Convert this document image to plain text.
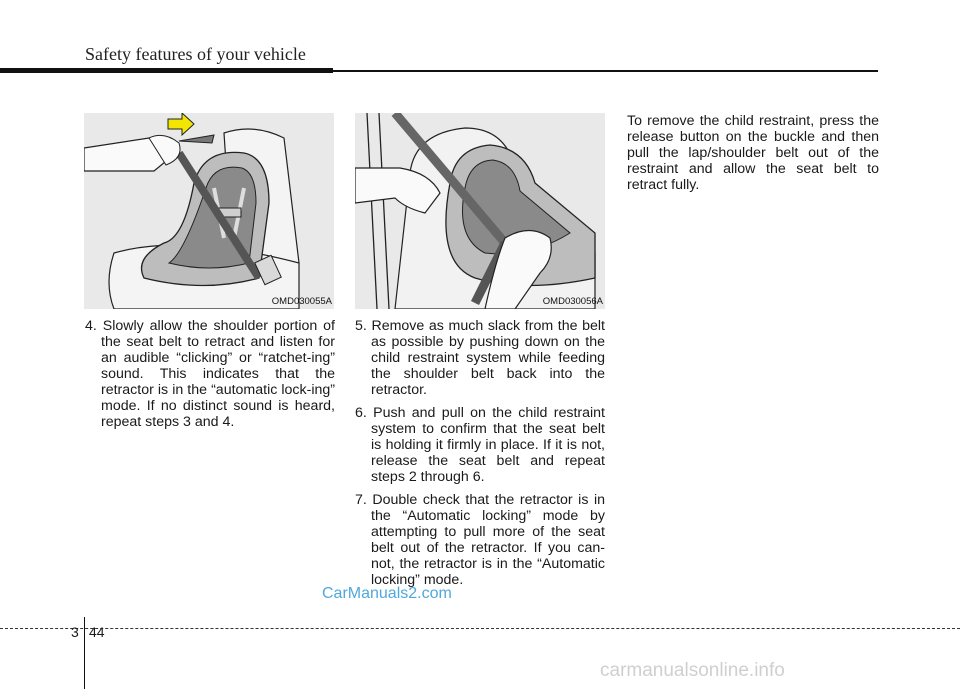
Safety features of your vehicle
OMD030055A	OMD030056A

4. Slowly allow the shoulder portion of the seat belt to retract and listen for an audible “clicking” or “ratchet-ing” sound. This indicates that the retractor is in the “automatic lock-ing” mode. If no distinct sound is heard, repeat steps 3 and 4.

5. Remove as much slack from the belt as possible by pushing down on the child restraint system while feeding the shoulder belt back into the retractor.

6. Push and pull on the child restraint system to confirm that the seat belt is holding it firmly in place. If it is not, release the seat belt and repeat steps 2 through 6.

7. Double check that the retractor is in the “Automatic locking” mode by attempting to pull more of the seat belt out of the retractor. If you can-not, the retractor is in the “Automatic locking” mode.

To remove the child restraint, press the release button on the buckle and then pull the lap/shoulder belt out of the restraint and allow the seat belt to retract fully.

CarManuals2.com
3 44
carmanualsonline.info
